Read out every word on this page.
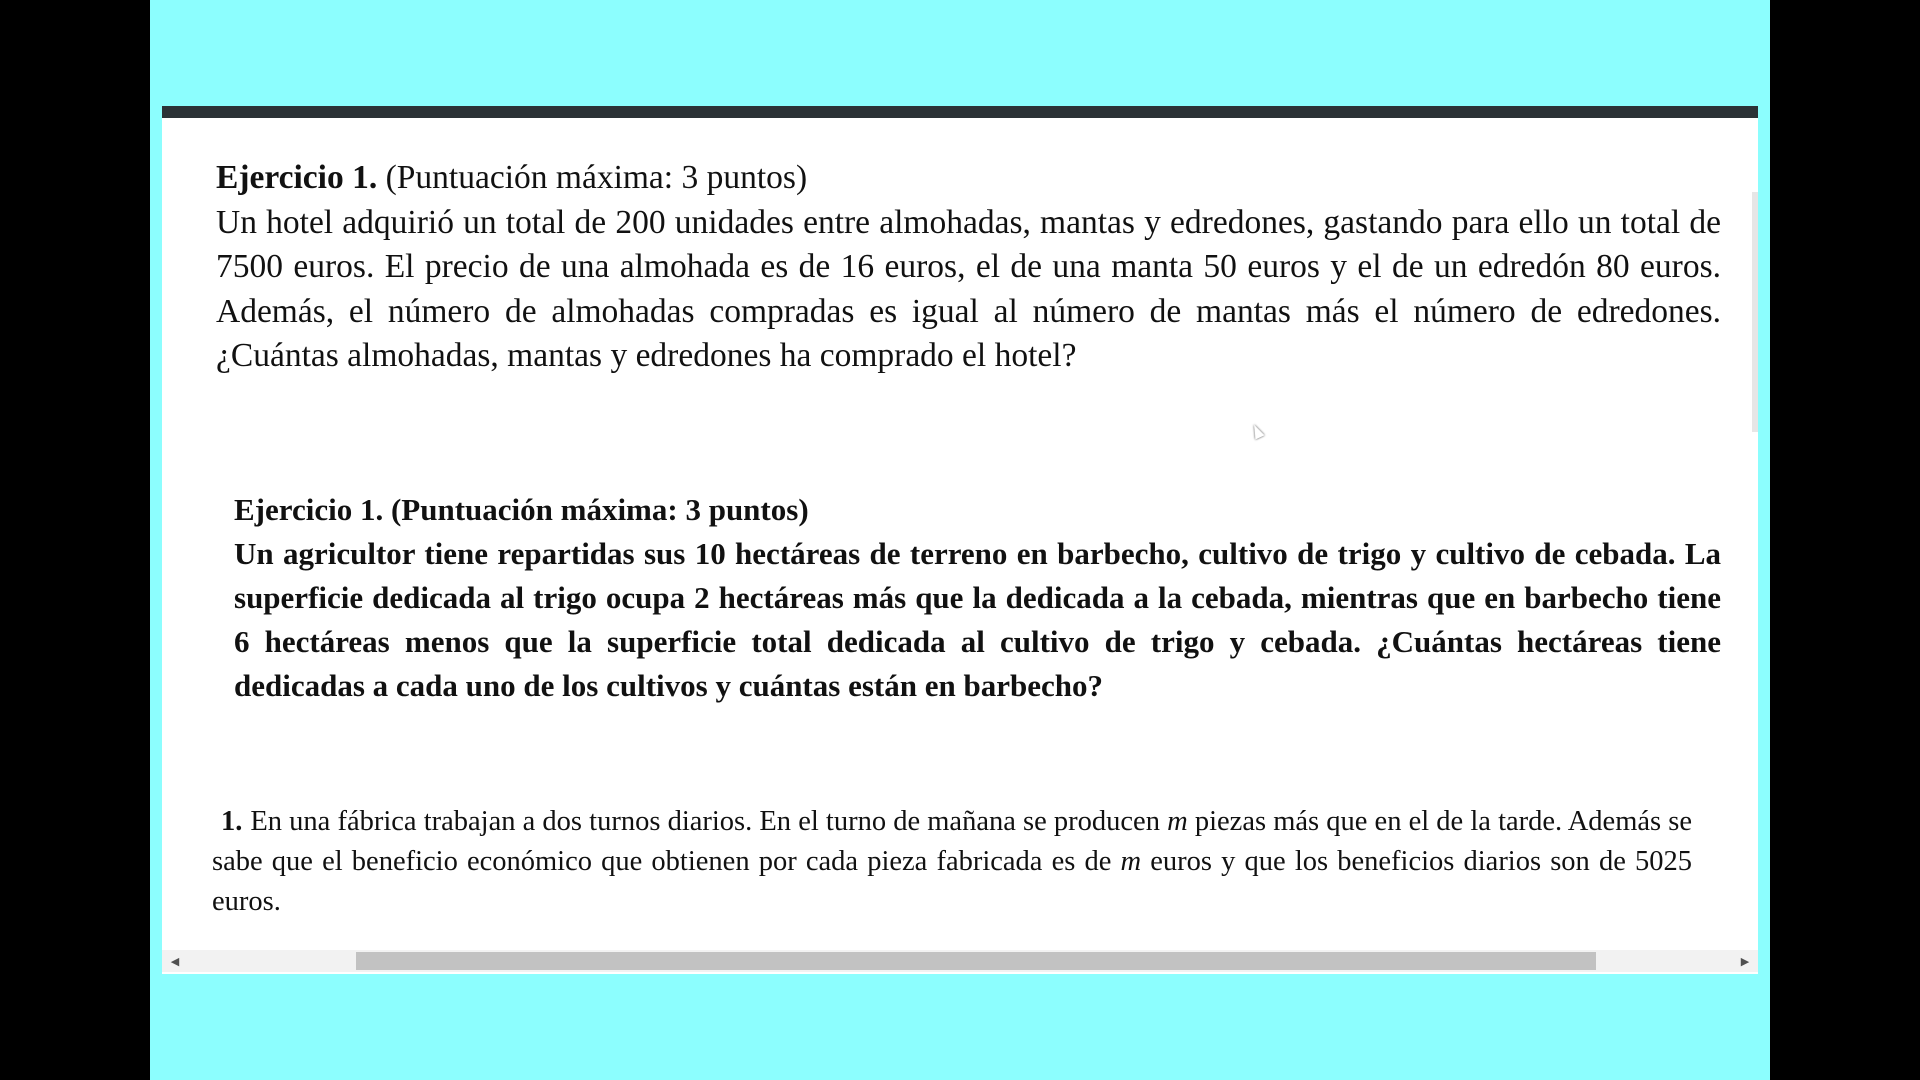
Ejercicio 1. (Puntuación máxima: 3 puntos)
Un hotel adquirió un total de 200 unidades entre almohadas, mantas y edredones, gastando para ello un total de 7500 euros. El precio de una almohada es de 16 euros, el de una manta 50 euros y el de un edredón 80 euros. Además, el número de almohadas compradas es igual al número de mantas más el número de edredones. ¿Cuántas almohadas, mantas y edredones ha comprado el hotel?
Ejercicio 1. (Puntuación máxima: 3 puntos)
Un agricultor tiene repartidas sus 10 hectáreas de terreno en barbecho, cultivo de trigo y cultivo de cebada. La superficie dedicada al trigo ocupa 2 hectáreas más que la dedicada a la cebada, mientras que en barbecho tiene 6 hectáreas menos que la superficie total dedicada al cultivo de trigo y cebada. ¿Cuántas hectáreas tiene dedicadas a cada uno de los cultivos y cuántas están en barbecho?
1. En una fábrica trabajan a dos turnos diarios. En el turno de mañana se producen m piezas más que en el de la tarde. Además se sabe que el beneficio económico que obtienen por cada pieza fabricada es de m euros y que los beneficios diarios son de 5025 euros.
◀	▶
